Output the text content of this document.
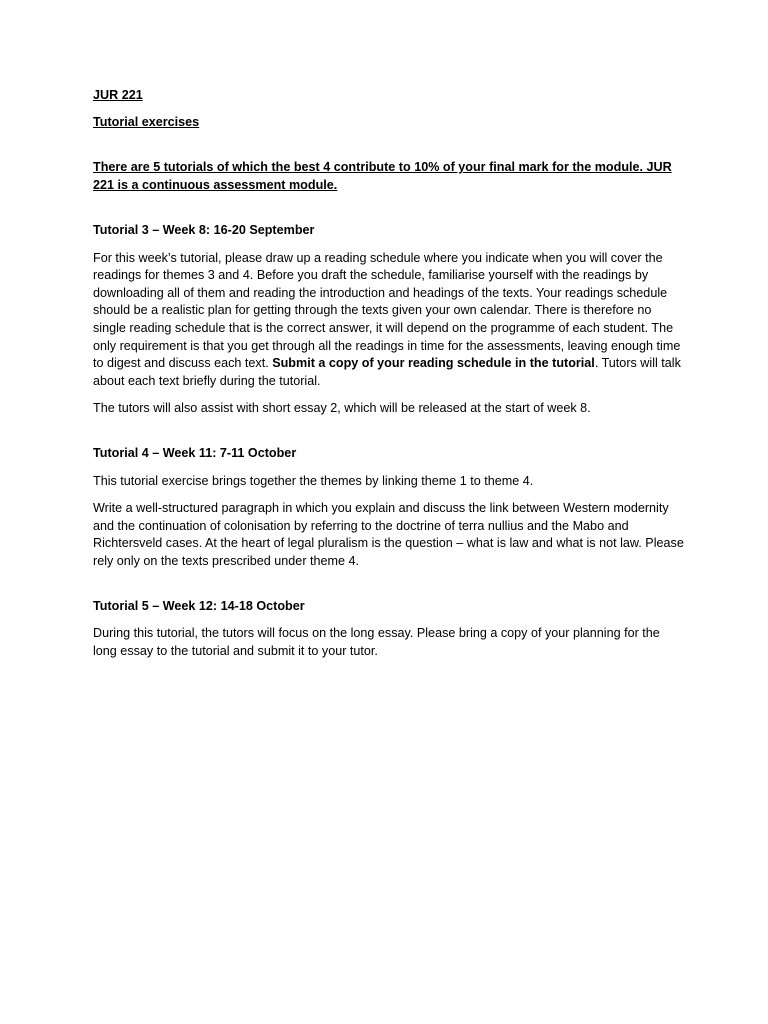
JUR 221

Tutorial exercises

There are 5 tutorials of which the best 4 contribute to 10% of your final mark for the module. JUR 221 is a continuous assessment module.

Tutorial 3 – Week 8: 16-20 September

For this week’s tutorial, please draw up a reading schedule where you indicate when you will cover the readings for themes 3 and 4. Before you draft the schedule, familiarise yourself with the readings by downloading all of them and reading the introduction and headings of the texts. Your readings schedule should be a realistic plan for getting through the texts given your own calendar. There is therefore no single reading schedule that is the correct answer, it will depend on the programme of each student. The only requirement is that you get through all the readings in time for the assessments, leaving enough time to digest and discuss each text. Submit a copy of your reading schedule in the tutorial. Tutors will talk about each text briefly during the tutorial.

The tutors will also assist with short essay 2, which will be released at the start of week 8.

Tutorial 4 – Week 11: 7-11 October

This tutorial exercise brings together the themes by linking theme 1 to theme 4.

Write a well-structured paragraph in which you explain and discuss the link between Western modernity and the continuation of colonisation by referring to the doctrine of terra nullius and the Mabo and Richtersveld cases. At the heart of legal pluralism is the question – what is law and what is not law. Please rely only on the texts prescribed under theme 4.

Tutorial 5 – Week 12: 14-18 October

During this tutorial, the tutors will focus on the long essay. Please bring a copy of your planning for the long essay to the tutorial and submit it to your tutor.
